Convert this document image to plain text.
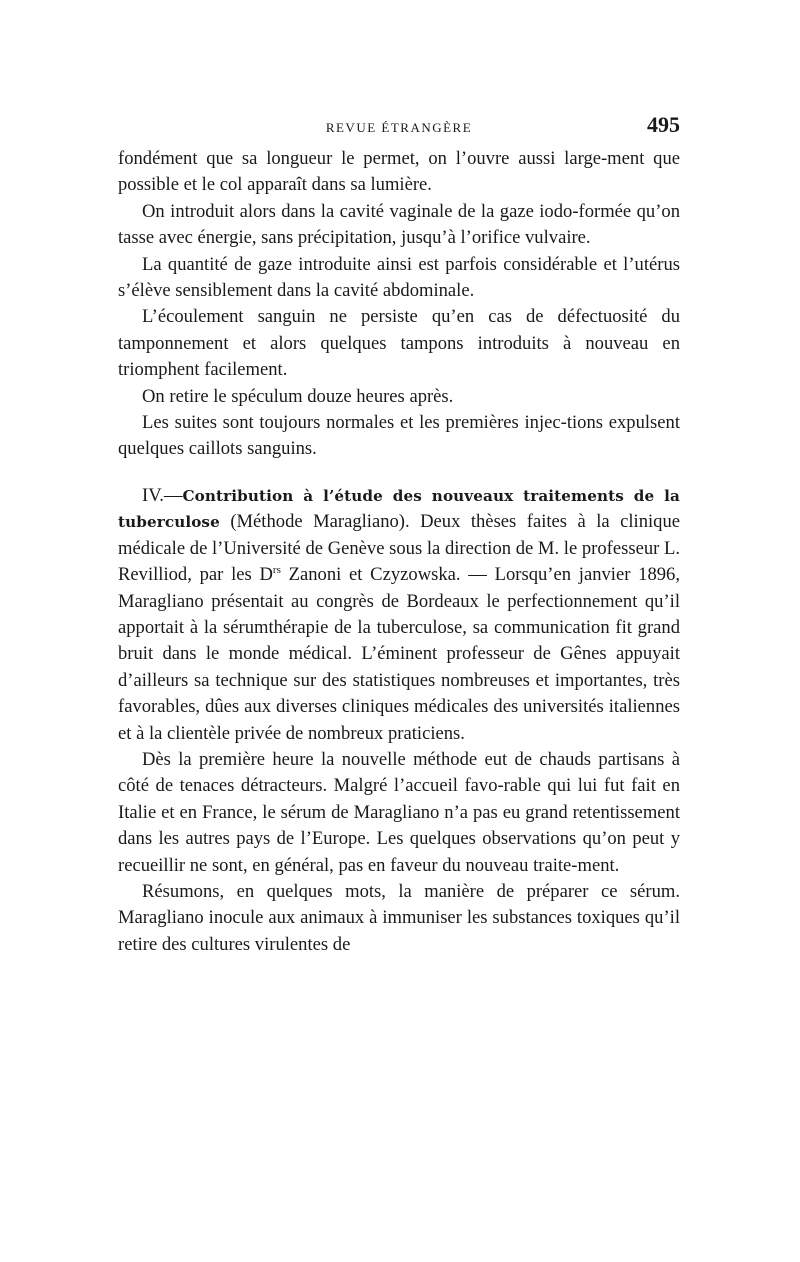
REVUE ÉTRANGÈRE	495

fondément que sa longueur le permet, on l’ouvre aussi large-ment que possible et le col apparaît dans sa lumière.

On introduit alors dans la cavité vaginale de la gaze iodo-formée qu’on tasse avec énergie, sans précipitation, jusqu’à l’orifice vulvaire.

La quantité de gaze introduite ainsi est parfois considérable et l’utérus s’élève sensiblement dans la cavité abdominale.

L’écoulement sanguin ne persiste qu’en cas de défectuosité du tamponnement et alors quelques tampons introduits à nouveau en triomphent facilement.

On retire le spéculum douze heures après.

Les suites sont toujours normales et les premières injec-tions expulsent quelques caillots sanguins.

IV.—Contribution à l’étude des nouveaux traitements de la tuberculose (Méthode Maragliano). Deux thèses faites à la clinique médicale de l’Université de Genève sous la direction de M. le professeur L. Revilliod, par les $D^{rs}$ Zanoni et Czyzowska. — Lorsqu’en janvier 1896, Maragliano présentait au congrès de Bordeaux le perfectionnement qu’il apportait à la sérumthérapie de la tuberculose, sa communication fit grand bruit dans le monde médical. L’éminent professeur de Gênes appuyait d’ailleurs sa technique sur des statistiques nombreuses et importantes, très favorables, dûes aux diverses cliniques médicales des universités italiennes et à la clientèle privée de nombreux praticiens.

Dès la première heure la nouvelle méthode eut de chauds partisans à côté de tenaces détracteurs. Malgré l’accueil favo-rable qui lui fut fait en Italie et en France, le sérum de Maragliano n’a pas eu grand retentissement dans les autres pays de l’Europe. Les quelques observations qu’on peut y recueillir ne sont, en général, pas en faveur du nouveau traite-ment.

Résumons, en quelques mots, la manière de préparer ce sérum. Maragliano inocule aux animaux à immuniser les substances toxiques qu’il retire des cultures virulentes de
